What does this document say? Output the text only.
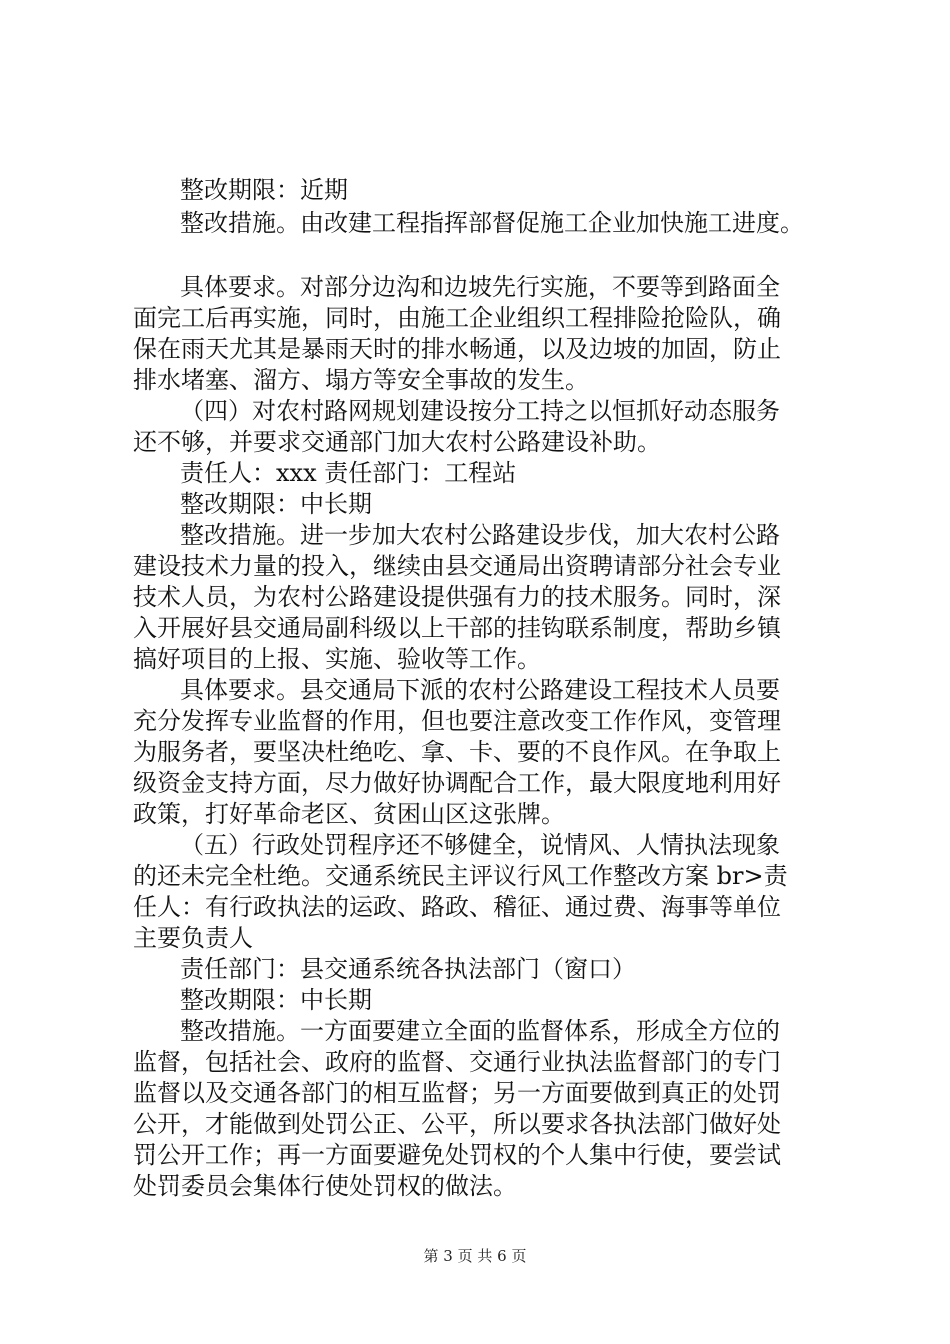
整改期限：近期
整改措施。由改建工程指挥部督促施工企业加快施工进度。
具体要求。对部分边沟和边坡先行实施，不要等到路面全
面完工后再实施，同时，由施工企业组织工程排险抢险队，确
保在雨天尤其是暴雨天时的排水畅通，以及边坡的加固，防止
排水堵塞、溜方、塌方等安全事故的发生。
（四）对农村路网规划建设按分工持之以恒抓好动态服务
还不够，并要求交通部门加大农村公路建设补助。
责任人：xxx 责任部门：工程站
整改期限：中长期
整改措施。进一步加大农村公路建设步伐，加大农村公路
建设技术力量的投入，继续由县交通局出资聘请部分社会专业
技术人员，为农村公路建设提供强有力的技术服务。同时，深
入开展好县交通局副科级以上干部的挂钩联系制度，帮助乡镇
搞好项目的上报、实施、验收等工作。
具体要求。县交通局下派的农村公路建设工程技术人员要
充分发挥专业监督的作用，但也要注意改变工作作风，变管理
为服务者，要坚决杜绝吃、拿、卡、要的不良作风。在争取上
级资金支持方面，尽力做好协调配合工作，最大限度地利用好
政策，打好革命老区、贫困山区这张牌。
（五）行政处罚程序还不够健全，说情风、人情执法现象
的还未完全杜绝。交通系统民主评议行风工作整改方案 br>责
任人：有行政执法的运政、路政、稽征、通过费、海事等单位
主要负责人
责任部门：县交通系统各执法部门（窗口）
整改期限：中长期
整改措施。一方面要建立全面的监督体系，形成全方位的
监督，包括社会、政府的监督、交通行业执法监督部门的专门
监督以及交通各部门的相互监督；另一方面要做到真正的处罚
公开，才能做到处罚公正、公平，所以要求各执法部门做好处
罚公开工作；再一方面要避免处罚权的个人集中行使，要尝试
处罚委员会集体行使处罚权的做法。
第 3 页 共 6 页
